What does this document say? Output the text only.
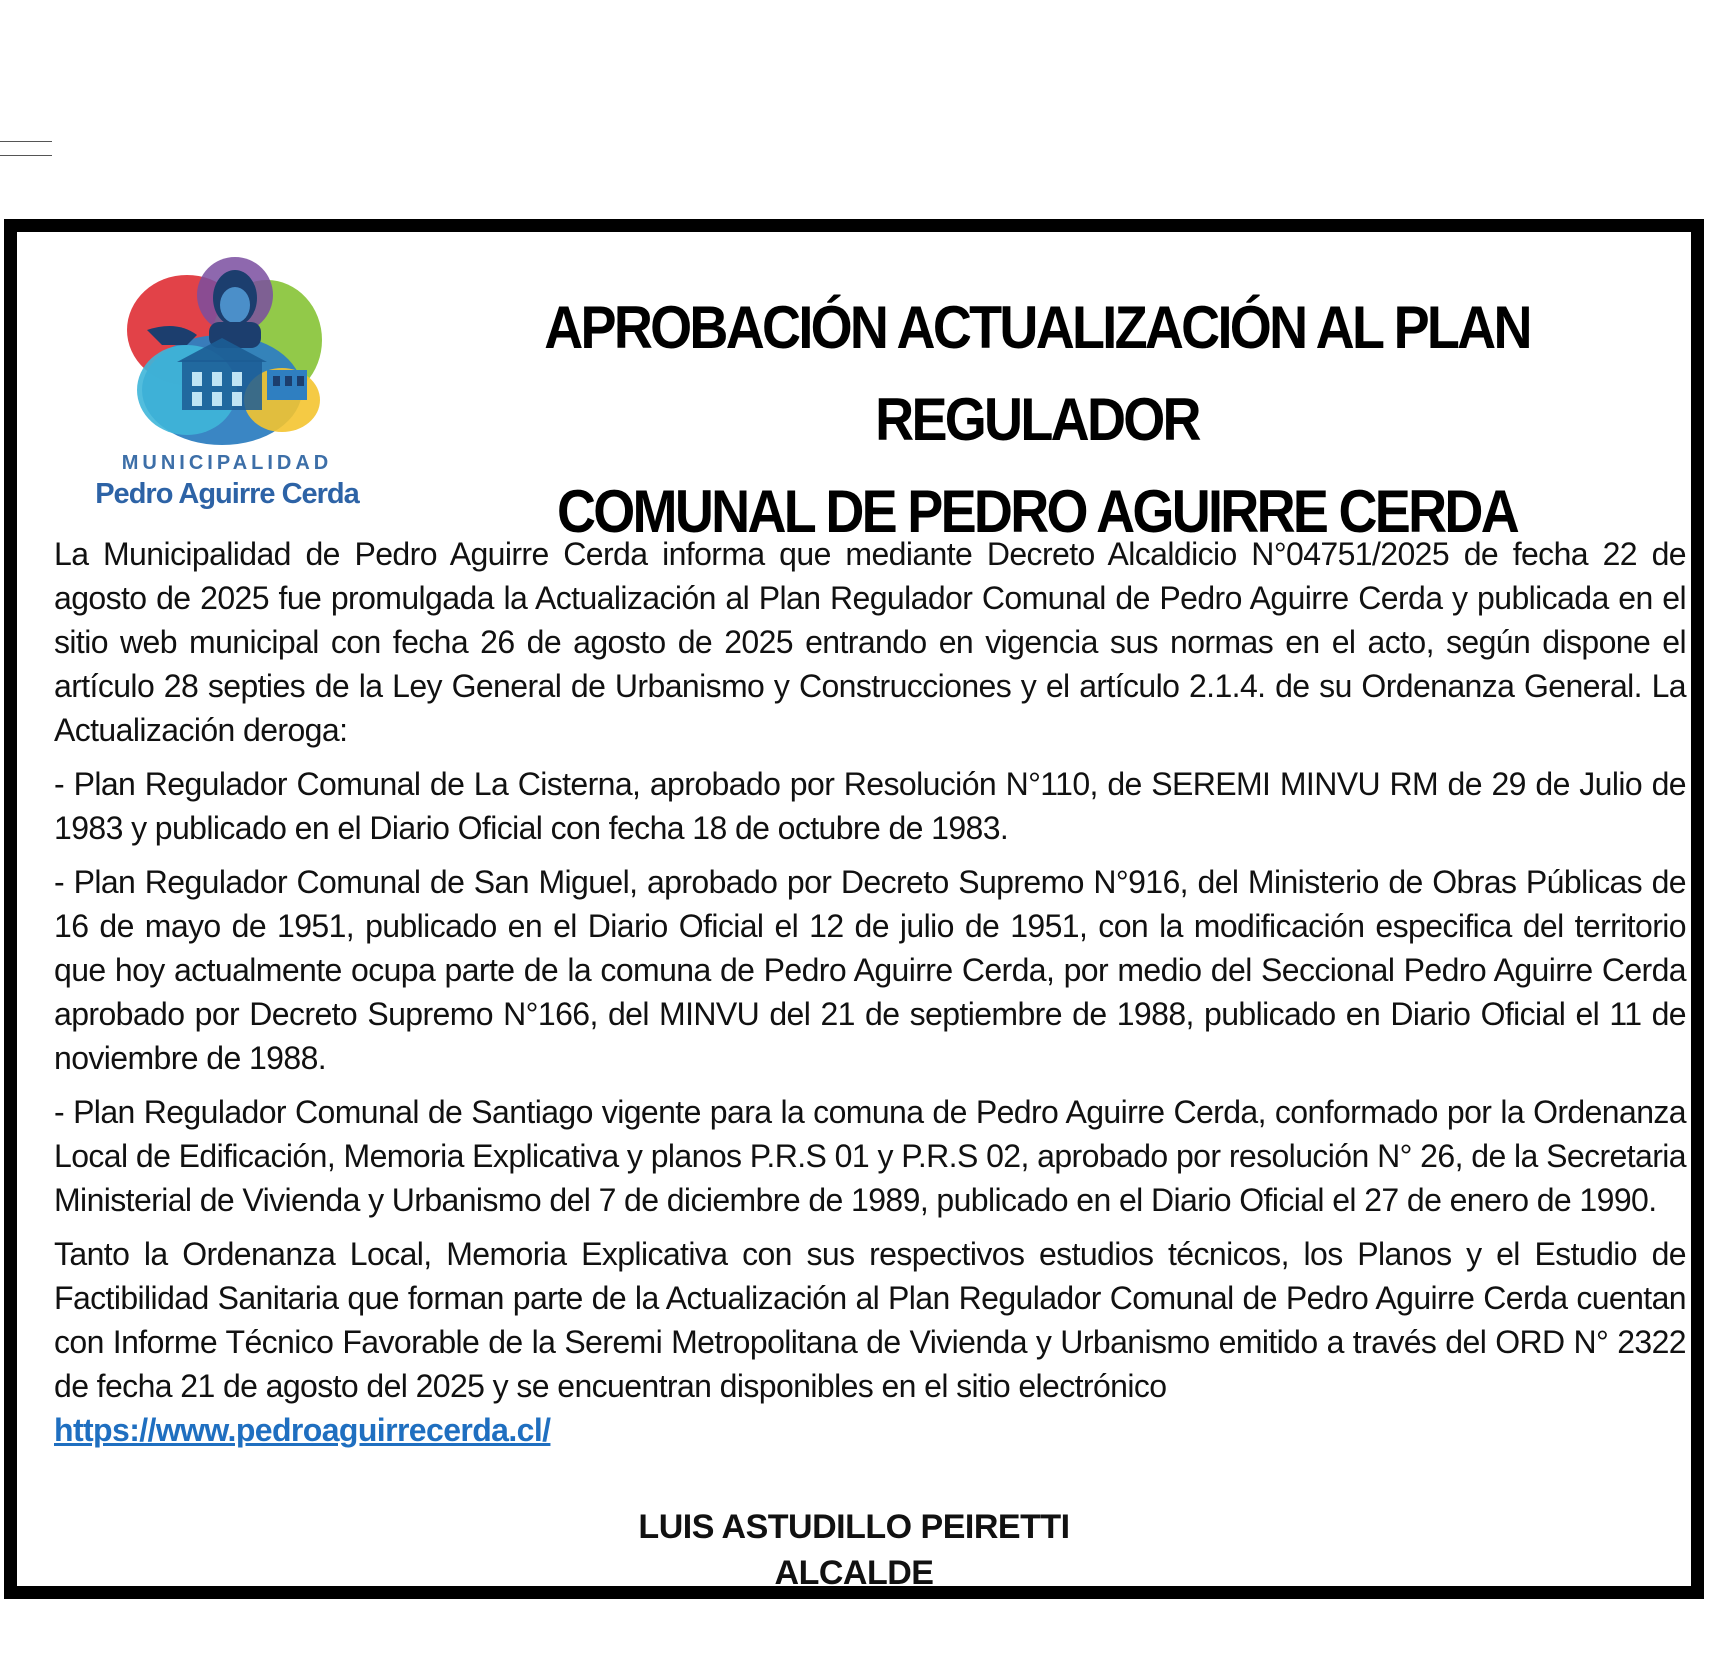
MUNICIPALIDAD
Pedro Aguirre Cerda
APROBACIÓN ACTUALIZACIÓN AL PLAN REGULADOR
COMUNAL DE PEDRO AGUIRRE CERDA

La Municipalidad de Pedro Aguirre Cerda informa que mediante Decreto Alcaldicio N°04751/2025 de fecha 22 de agosto de 2025 fue promulgada la Actualización al Plan Regulador Comunal de Pedro Aguirre Cerda y publicada en el sitio web municipal con fecha 26 de agosto de 2025 entrando en vigencia sus normas en el acto, según dispone el artículo 28 septies de la Ley General de Urbanismo y Construcciones y el artículo 2.1.4. de su Ordenanza General. La Actualización deroga:

- Plan Regulador Comunal de La Cisterna, aprobado por Resolución N°110, de SEREMI MINVU RM de 29 de Julio de 1983 y publicado en el Diario Oficial con fecha 18 de octubre de 1983.

- Plan Regulador Comunal de San Miguel, aprobado por Decreto Supremo N°916, del Ministerio de Obras Públicas de 16 de mayo de 1951, publicado en el Diario Oficial el 12 de julio de 1951, con la modificación especifica del territorio que hoy actualmente ocupa parte de la comuna de Pedro Aguirre Cerda, por medio del Seccional Pedro Aguirre Cerda aprobado por Decreto Supremo N°166, del MINVU del 21 de septiembre de 1988, publicado en Diario Oficial el 11 de noviembre de 1988.

- Plan Regulador Comunal de Santiago vigente para la comuna de Pedro Aguirre Cerda, conformado por la Ordenanza Local de Edificación, Memoria Explicativa y planos P.R.S 01 y P.R.S 02, aprobado por resolución N° 26, de la Secretaria Ministerial de Vivienda y Urbanismo del 7 de diciembre de 1989, publicado en el Diario Oficial el 27 de enero de 1990.

Tanto la Ordenanza Local, Memoria Explicativa con sus respectivos estudios técnicos, los Planos y el Estudio de Factibilidad Sanitaria que forman parte de la Actualización al Plan Regulador Comunal de Pedro Aguirre Cerda cuentan con Informe Técnico Favorable de la Seremi Metropolitana de Vivienda y Urbanismo emitido a través del ORD N° 2322 de fecha 21 de agosto del 2025 y se encuentran disponibles en el sitio electrónico
https://www.pedroaguirrecerda.cl/

LUIS ASTUDILLO PEIRETTI
ALCALDE
